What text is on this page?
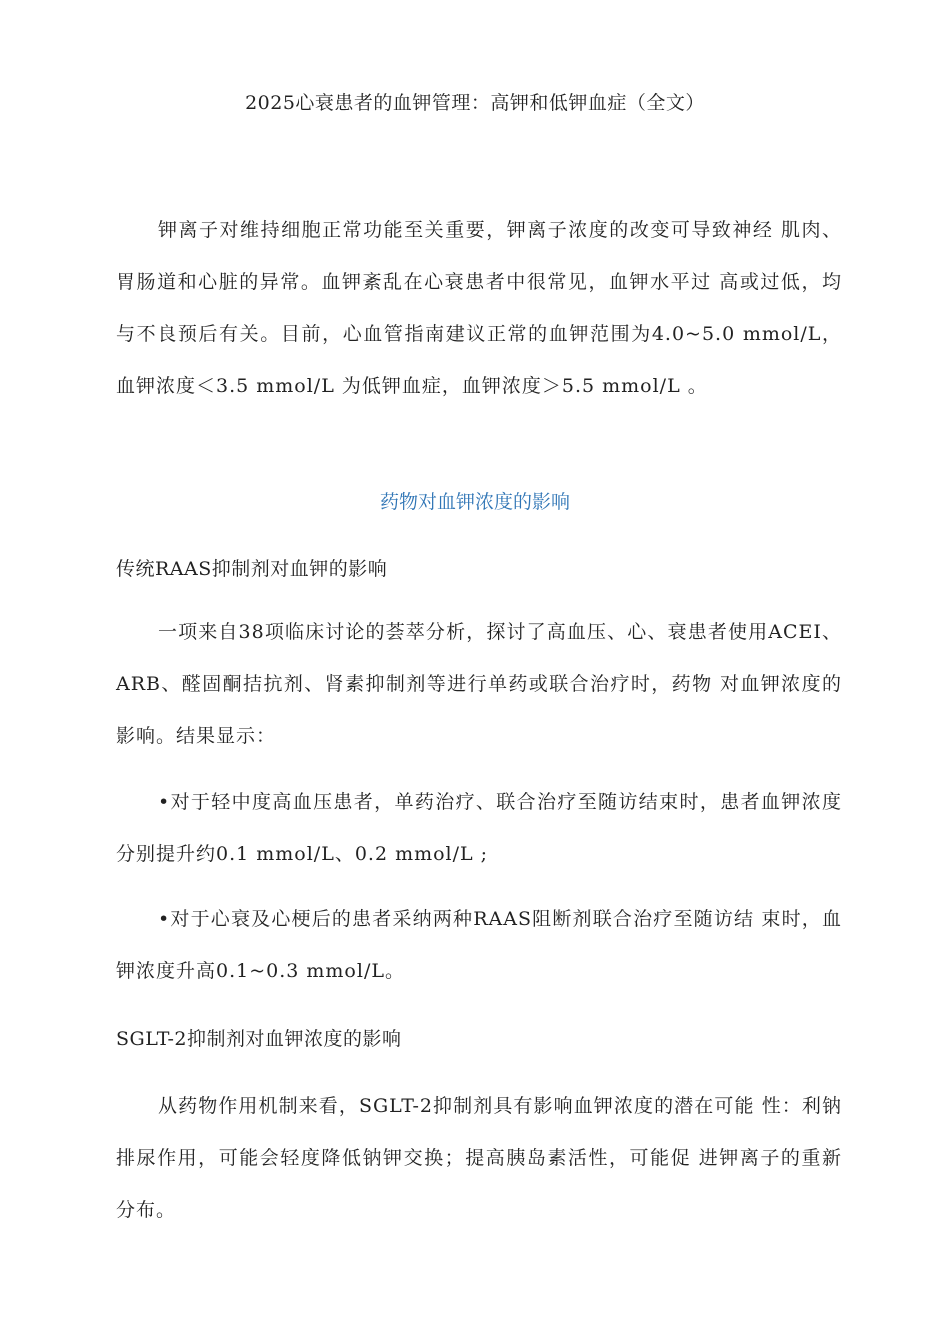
2025心衰患者的血钾管理：高钾和低钾血症（全文）
钾离子对维持细胞正常功能至关重要，钾离子浓度的改变可导致神经 肌肉、胃肠道和心脏的异常。血钾紊乱在心衰患者中很常见，血钾水平过 高或过低，均与不良预后有关。目前，心血管指南建议正常的血钾范围为4.0~5.0 mmol/L，血钾浓度＜3.5 mmol/L 为低钾血症，血钾浓度＞5.5 mmol/L 。
药物对血钾浓度的影响
传统RAAS抑制剂对血钾的影响
一项来自38项临床讨论的荟萃分析，探讨了高血压、心、衰患者使用ACEI、ARB、醛固酮拮抗剂、肾素抑制剂等进行单药或联合治疗时，药物 对血钾浓度的影响。结果显示：
•对于轻中度高血压患者，单药治疗、联合治疗至随访结束时，患者血钾浓度分别提升约0.1 mmol/L、0.2 mmol/L ;
•对于心衰及心梗后的患者采纳两种RAAS阻断剂联合治疗至随访结 束时，血钾浓度升高0.1~0.3 mmol/L。
SGLT-2抑制剂对血钾浓度的影响
从药物作用机制来看，SGLT-2抑制剂具有影响血钾浓度的潜在可能 性：利钠排尿作用，可能会轻度降低钠钾交换；提高胰岛素活性，可能促 进钾离子的重新分布。
